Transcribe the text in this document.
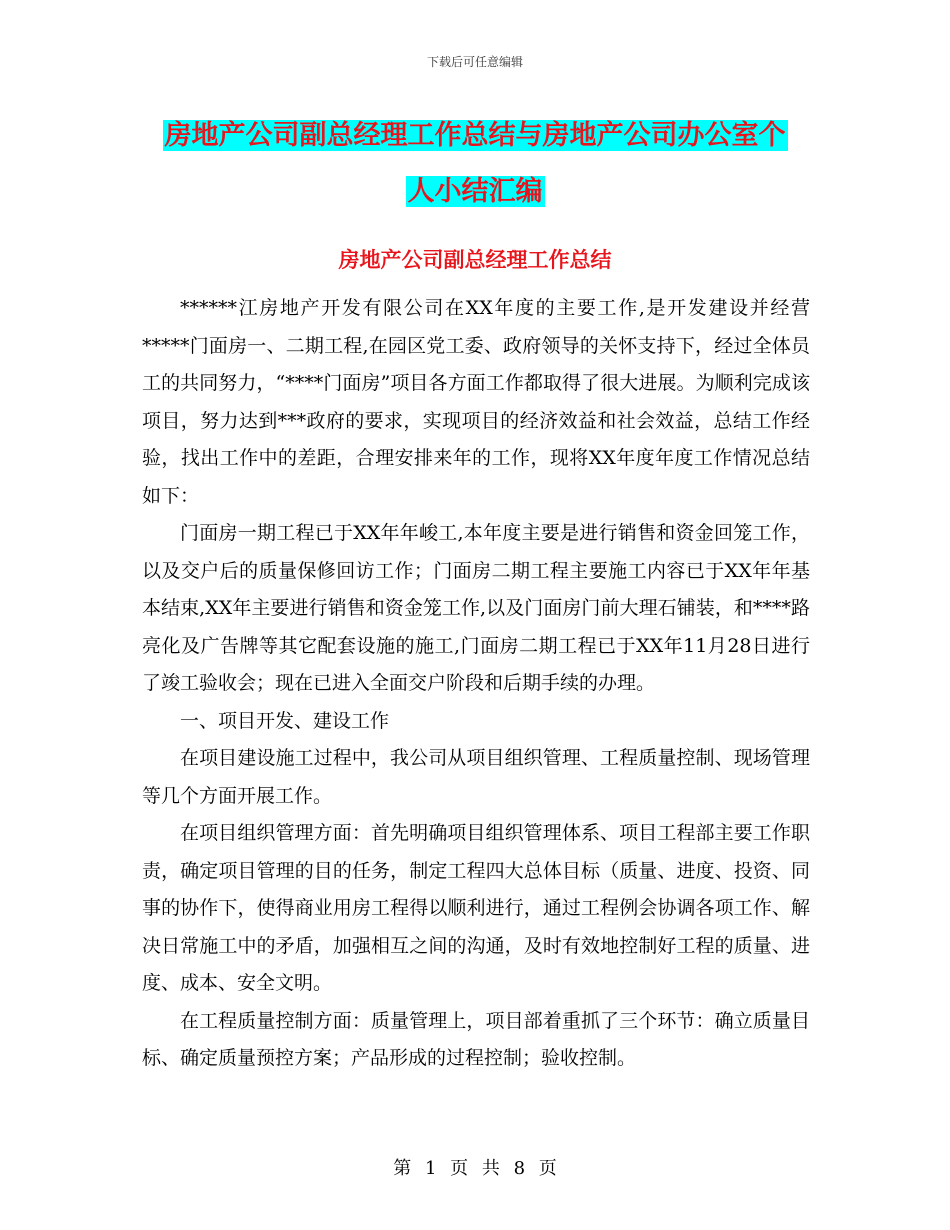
下载后可任意编辑
房地产公司副总经理工作总结与房地产公司办公室个
人小结汇编
房地产公司副总经理工作总结

******江房地产开发有限公司在XX年度的主要工作,是开发建设并经营*****门面房一、二期工程,在园区党工委、政府领导的关怀支持下，经过全体员工的共同努力，“****门面房”项目各方面工作都取得了很大进展。为顺利完成该项目，努力达到***政府的要求，实现项目的经济效益和社会效益，总结工作经验，找出工作中的差距，合理安排来年的工作，现将XX年度年度工作情况总结如下：

门面房一期工程已于XX年年峻工,本年度主要是进行销售和资金回笼工作，以及交户后的质量保修回访工作；门面房二期工程主要施工内容已于XX年年基本结束,XX年主要进行销售和资金笼工作,以及门面房门前大理石铺装，和****路亮化及广告牌等其它配套设施的施工,门面房二期工程已于XX年11月28日进行了竣工验收会；现在已进入全面交户阶段和后期手续的办理。

一、项目开发、建设工作

在项目建设施工过程中，我公司从项目组织管理、工程质量控制、现场管理等几个方面开展工作。

在项目组织管理方面：首先明确项目组织管理体系、项目工程部主要工作职责，确定项目管理的目的任务，制定工程四大总体目标（质量、进度、投资、同事的协作下，使得商业用房工程得以顺利进行，通过工程例会协调各项工作、解决日常施工中的矛盾，加强相互之间的沟通，及时有效地控制好工程的质量、进度、成本、安全文明。

在工程质量控制方面：质量管理上，项目部着重抓了三个环节：确立质量目标、确定质量预控方案；产品形成的过程控制；验收控制。

第 1 页 共 8 页
